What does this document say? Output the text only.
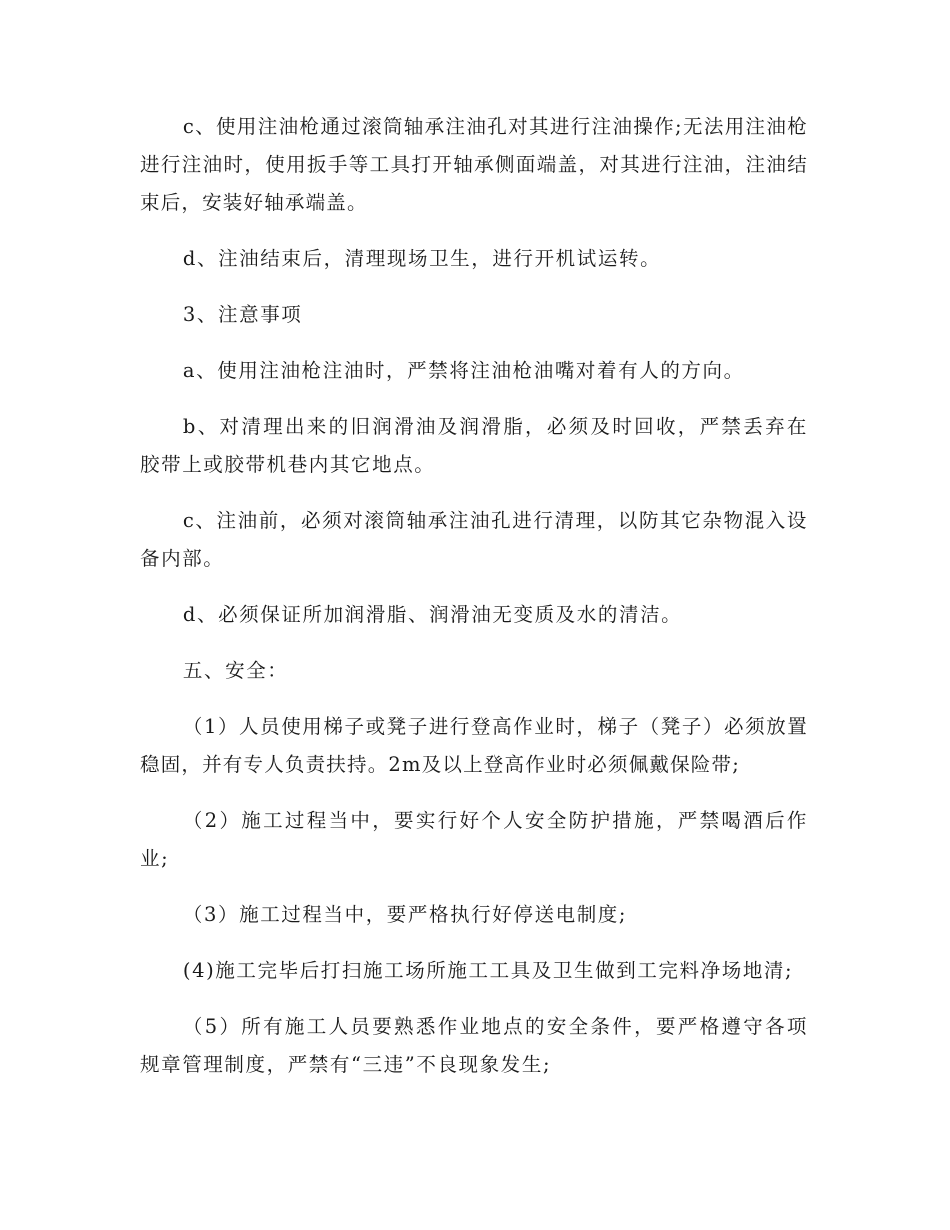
c、使用注油枪通过滚筒轴承注油孔对其进行注油操作;无法用注油枪进行注油时，使用扳手等工具打开轴承侧面端盖，对其进行注油，注油结束后，安装好轴承端盖。

d、注油结束后，清理现场卫生，进行开机试运转。

3、注意事项

a、使用注油枪注油时，严禁将注油枪油嘴对着有人的方向。

b、对清理出来的旧润滑油及润滑脂，必须及时回收，严禁丢弃在胶带上或胶带机巷内其它地点。

c、注油前，必须对滚筒轴承注油孔进行清理，以防其它杂物混入设备内部。

d、必须保证所加润滑脂、润滑油无变质及水的清洁。

五、安全：

（1）人员使用梯子或凳子进行登高作业时，梯子（凳子）必须放置稳固，并有专人负责扶持。2m及以上登高作业时必须佩戴保险带;

（2）施工过程当中，要实行好个人安全防护措施，严禁喝酒后作业;

（3）施工过程当中，要严格执行好停送电制度;

(4)施工完毕后打扫施工场所施工工具及卫生做到工完料净场地清;

（5）所有施工人员要熟悉作业地点的安全条件，要严格遵守各项规章管理制度，严禁有“三违”不良现象发生;
